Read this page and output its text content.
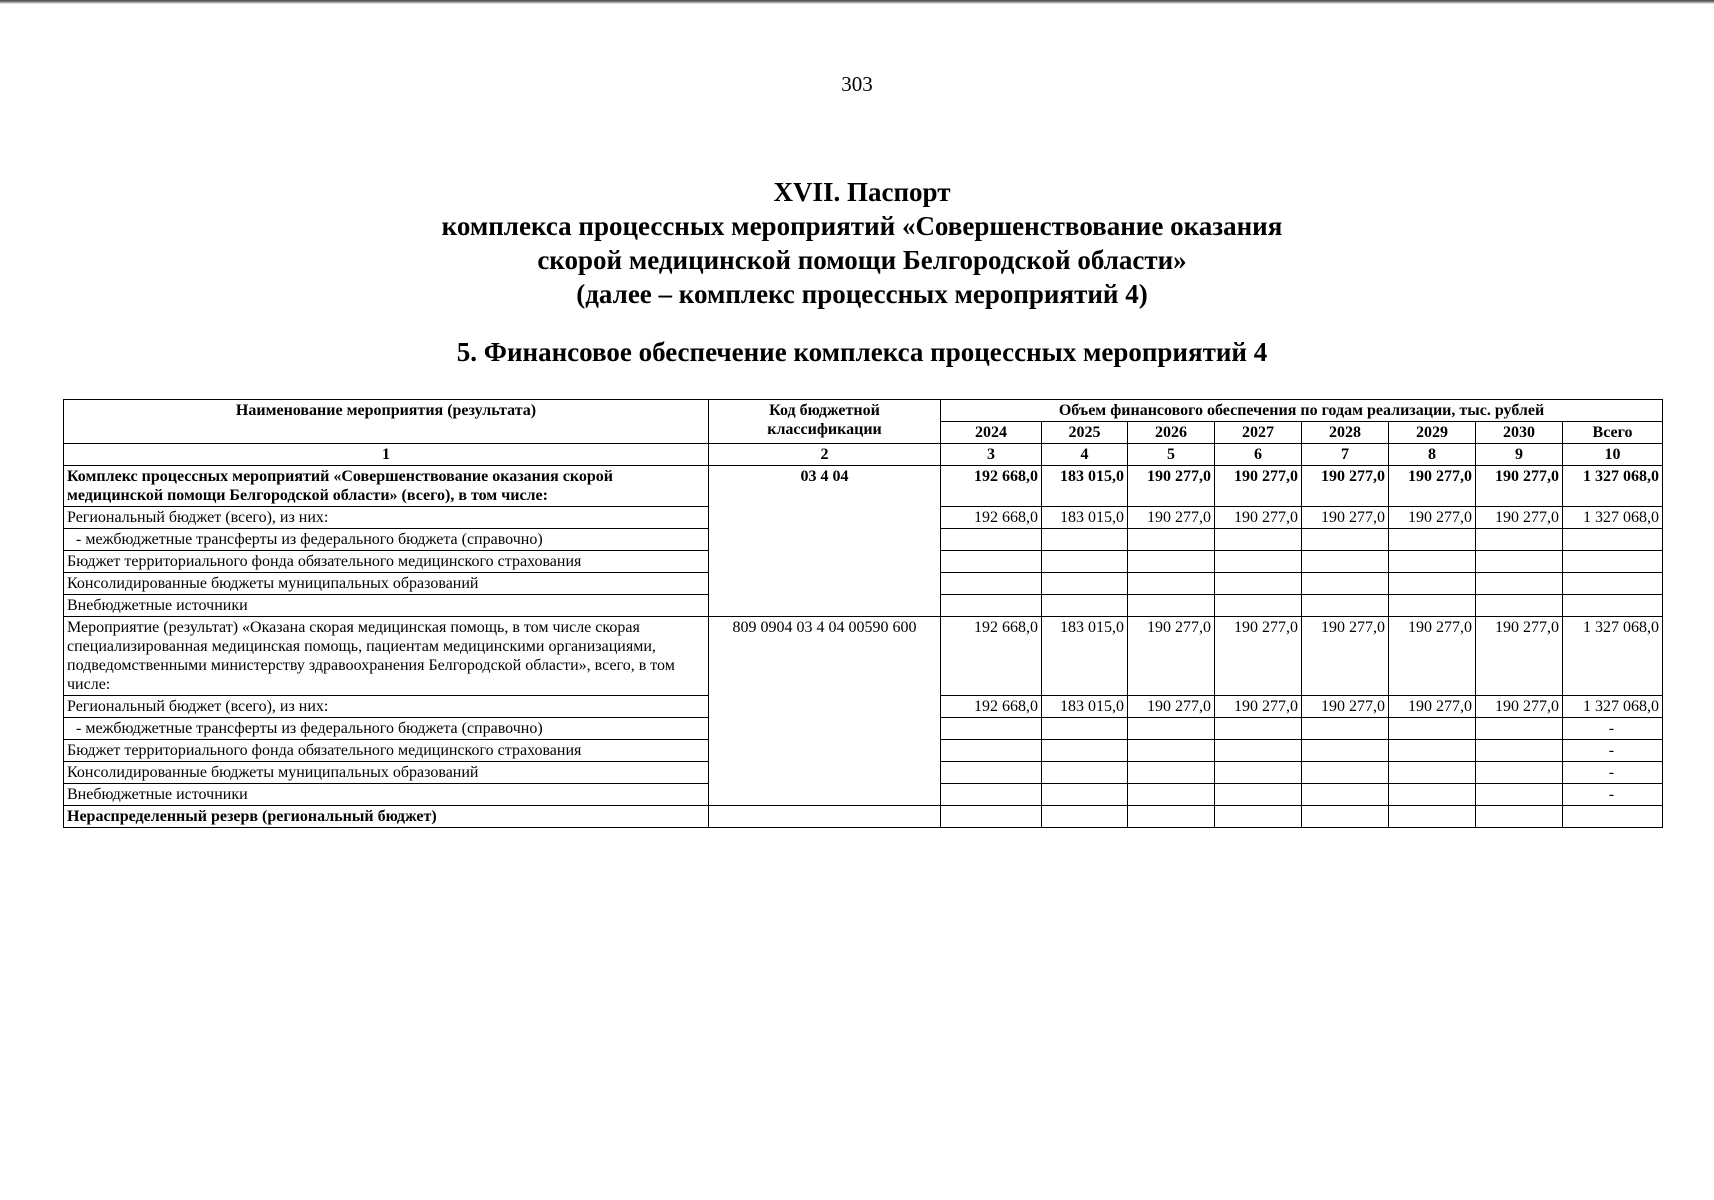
303
XVII. Паспорт
комплекса процессных мероприятий «Совершенствование оказания
скорой медицинской помощи Белгородской области»
(далее – комплекс процессных мероприятий 4)
5. Финансовое обеспечение комплекса процессных мероприятий 4
Наименование мероприятия (результата)	Код бюджетной классификации	Объем финансового обеспечения по годам реализации, тыс. рублей							
		2024	2025	2026	2027	2028	2029	2030	Всего
1	2	3	4	5	6	7	8	9	10
Комплекс процессных мероприятий «Совершенствование оказания скорой медицинской помощи Белгородской области» (всего), в том числе:	03 4 04	192 668,0	183 015,0	190 277,0	190 277,0	190 277,0	190 277,0	190 277,0	1 327 068,0
Региональный бюджет (всего), из них:		192 668,0	183 015,0	190 277,0	190 277,0	190 277,0	190 277,0	190 277,0	1 327 068,0
- межбюджетные трансферты из федерального бюджета (справочно)									
Бюджет территориального фонда обязательного медицинского страхования									
Консолидированные бюджеты муниципальных образований									
Внебюджетные источники									
Мероприятие (результат) «Оказана скорая медицинская помощь, в том числе скорая специализированная медицинская помощь, пациентам медицинскими организациями, подведомственными министерству здравоохранения Белгородской области», всего, в том числе:	809 0904 03 4 04 00590 600	192 668,0	183 015,0	190 277,0	190 277,0	190 277,0	190 277,0	190 277,0	1 327 068,0
Региональный бюджет (всего), из них:		192 668,0	183 015,0	190 277,0	190 277,0	190 277,0	190 277,0	190 277,0	1 327 068,0
- межбюджетные трансферты из федерального бюджета (справочно)									-
Бюджет территориального фонда обязательного медицинского страхования									-
Консолидированные бюджеты муниципальных образований									-
Внебюджетные источники									-
Нераспределенный резерв (региональный бюджет)									
